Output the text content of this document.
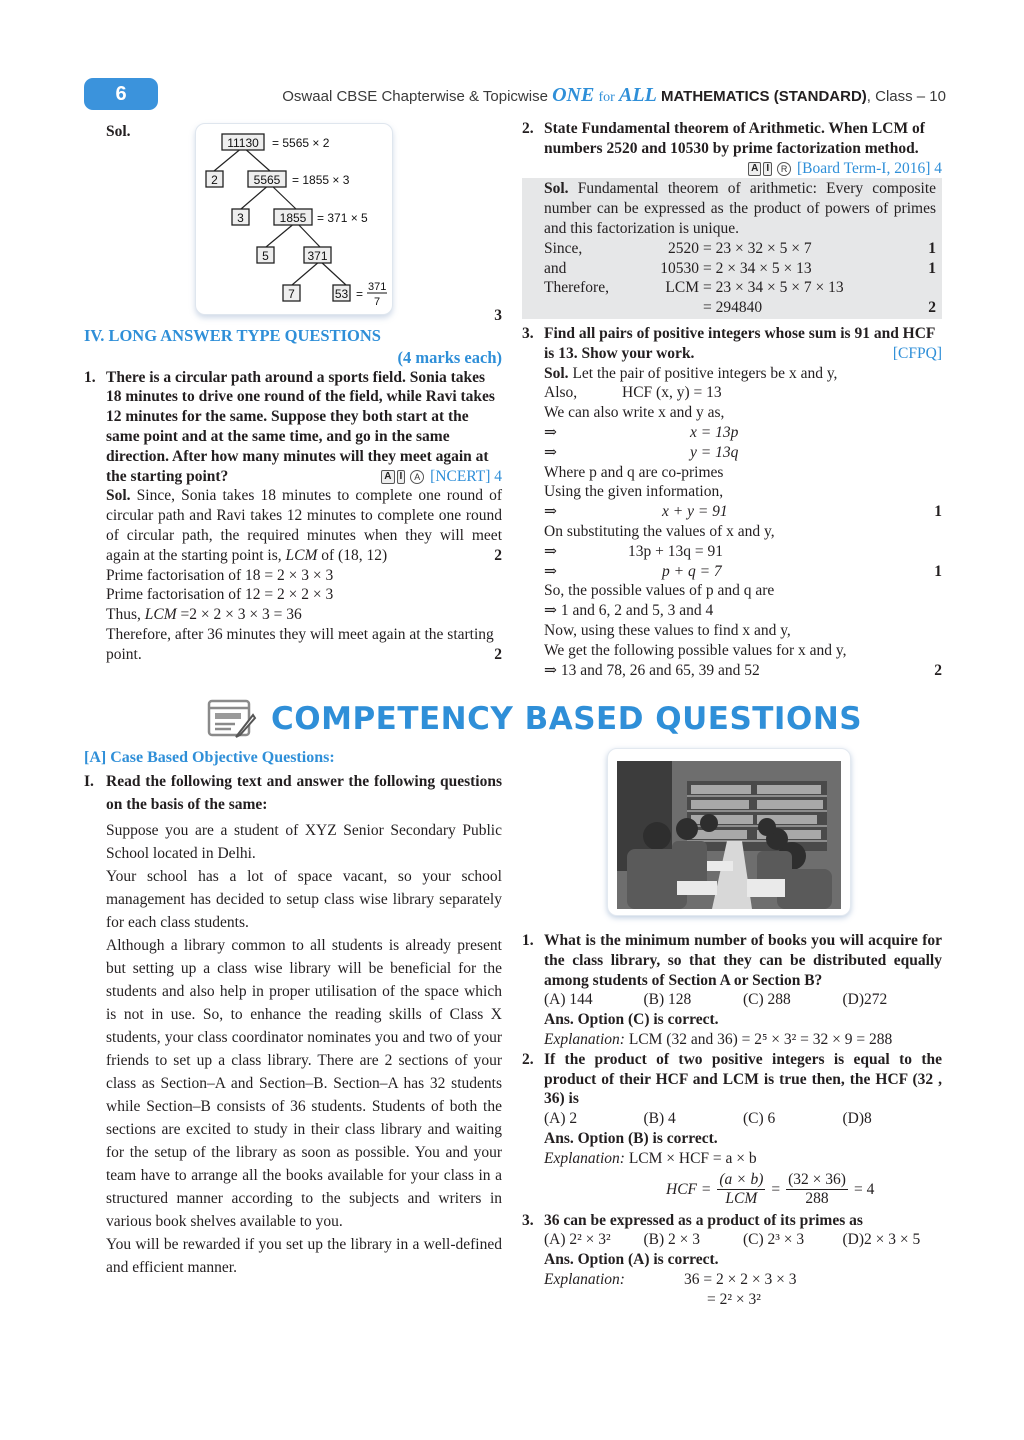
6	Oswaal CBSE Chapterwise & Topicwise ONE for ALL MATHEMATICS (STANDARD), Class – 10
Sol.
11130
2	5565
3	1855
5	371
7	53
= 5565 × 2
= 1855 × 3
= 371 × 5
= 371
7
3
IV. LONG ANSWER TYPE QUESTIONS
(4 marks each)
1. There is a circular path around a sports field. Sonia takes 18 minutes to drive one round of the field, while Ravi takes 12 minutes for the same. Suppose they both start at the same point and at the same time, and go in the same direction. After how many minutes will they meet again at the starting point?	A I	A [NCERT] 4
Sol. Since, Sonia takes 18 minutes to complete one round of circular path and Ravi takes 12 minutes to complete one round of circular path, the required minutes when they will meet again at the starting point is, LCM of (18, 12)	2
Prime factorisation of 18 = 2 × 3 × 3
Prime factorisation of 12 = 2 × 2 × 3
Thus, LCM =2 × 2 × 3 × 3 = 36
Therefore, after 36 minutes they will meet again at the starting point.	2
2. State Fundamental theorem of Arithmetic. When LCM of numbers 2520 and 10530 by prime factorization method.
A I	R [Board Term-I, 2016] 4
Sol. Fundamental theorem of arithmetic: Every composite number can be expressed as the product of powers of primes and this factorization is unique.
Since,	2520 = 23 × 32 × 5 × 7	1
and	10530 = 2 × 34 × 5 × 13	1
Therefore,	LCM = 23 × 34 × 5 × 7 × 13
= 294840	2
3. Find all pairs of positive integers whose sum is 91 and HCF is 13. Show your work.	[CFPQ]
Sol. Let the pair of positive integers be x and y,
Also,	HCF (x, y) = 13
We can also write x and y as,
⇒	x = 13p
⇒	y = 13q
Where p and q are co-primes
Using the given information,
⇒	x + y = 91	1
On substituting the values of x and y,
⇒	13p + 13q = 91
⇒	p + q = 7	1
So, the possible values of p and q are
⇒ 1 and 6, 2 and 5, 3 and 4
Now, using these values to find x and y,
We get the following possible values for x and y,
⇒ 13 and 78, 26 and 65, 39 and 52	2
COMPETENCY BASED QUESTIONS
[A] Case Based Objective Questions:
I. Read the following text and answer the following questions on the basis of the same:
Suppose you are a student of XYZ Senior Secondary Public School located in Delhi.
Your school has a lot of space vacant, so your school management has decided to setup class wise library separately for each class students.
Although a library common to all students is already present but setting up a class wise library will be beneficial for the students and also help in proper utilisation of the space which is not in use. So, to enhance the reading skills of Class X students, your class coordinator nominates you and two of your friends to set up a class library. There are 2 sections of your class as Section–A and Section–B. Section–A has 32 students while Section–B consists of 36 students. Students of both the sections are excited to study in their class library and waiting for the setup of the library as soon as possible. You and your team have to arrange all the books available for your class in a structured manner according to the subjects and writers in various book shelves available to you.
You will be rewarded if you set up the library in a well-defined and efficient manner.
1. What is the minimum number of books you will acquire for the class library, so that they can be distributed equally among students of Section A or Section B?
(A) 144	(B) 128	(C) 288	(D)272
Ans. Option (C) is correct.
Explanation: LCM (32 and 36) = 2⁵ × 3² = 32 × 9 = 288
2. If the product of two positive integers is equal to the product of their HCF and LCM is true then, the HCF (32 , 36) is
(A) 2	(B) 4	(C) 6	(D)8
Ans. Option (B) is correct.
Explanation: LCM × HCF = a × b
HCF = $\frac{(a \times b)}{\text{LCM}} = \frac{(32 \times 36)}{288} = 4$
3. 36 can be expressed as a product of its primes as
(A) 2² × 3²	(B) 2 × 3	(C) 2³ × 3	(D)2 × 3 × 5
Ans. Option (A) is correct.
Explanation:	36 = 2 × 2 × 3 × 3
= 2² × 3²
